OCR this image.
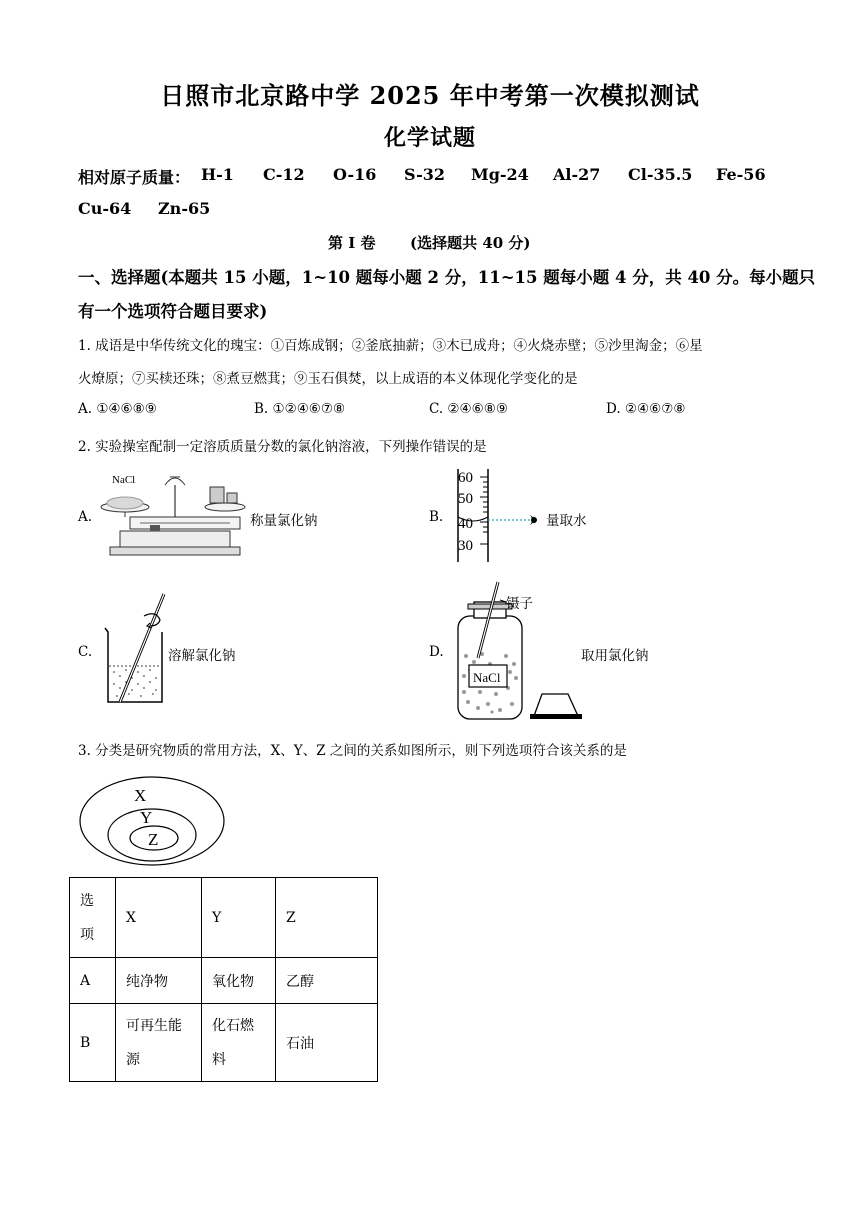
日照市北京路中学 2025 年中考第一次模拟测试
化学试题
相对原子质量： H-1 C-12 O-16 S-32 Mg-24 Al-27 Cl-35.5 Fe-56
Cu-64 Zn-65
第 I 卷 (选择题共 40 分)
一、选择题(本题共 15 小题，1~10 题每小题 2 分，11~15 题每小题 4 分，共 40 分。每小题只
有一个选项符合题目要求)
1. 成语是中华传统文化的瑰宝：①百炼成钢；②釜底抽薪；③木已成舟；④火烧赤壁；⑤沙里淘金；⑥星
火燎原；⑦买椟还珠；⑧煮豆燃萁；⑨玉石俱焚，以上成语的本义体现化学变化的是
A. ①④⑥⑧⑨	B. ①②④⑥⑦⑧	C. ②④⑥⑧⑨	D. ②④⑥⑦⑧
2. 实验操室配制一定溶质质量分数的氯化钠溶液，下列操作错误的是
A.
NaCl
称量氯化钠	B.
60
50
40
30
量取水
C.	溶解氯化钠	D.
NaCl
镊子
取用氯化钠
3. 分类是研究物质的常用方法，X、Y、Z 之间的关系如图所示，则下列选项符合该关系的是
X
Y
Z
选
项	X	Y	Z
A	纯净物	氧化物	乙醇
B	可再生能
源	化石燃
料	石油
